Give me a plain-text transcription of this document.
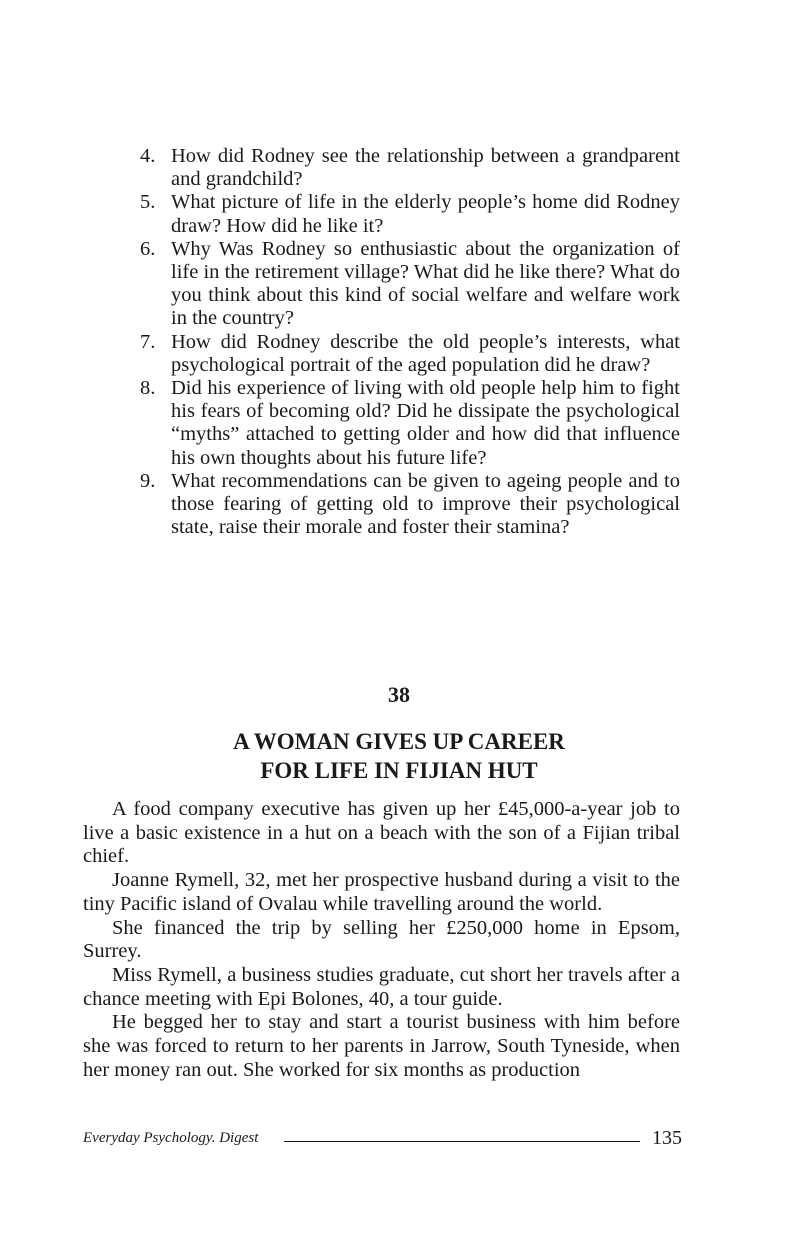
4. How did Rodney see the relationship between a grandparent and grandchild?
5. What picture of life in the elderly people’s home did Rodney draw? How did he like it?
6. Why Was Rodney so enthusiastic about the organization of life in the retirement village? What did he like there? What do you think about this kind of social welfare and welfare work in the country?
7. How did Rodney describe the old people’s interests, what psychological portrait of the aged population did he draw?
8. Did his experience of living with old people help him to fight his fears of becoming old? Did he dissipate the psychological “myths” attached to getting older and how did that influence his own thoughts about his future life?
9. What recommendations can be given to ageing people and to those fearing of getting old to improve their psychological state, raise their morale and foster their stamina?
38
A WOMAN GIVES UP CAREER
FOR LIFE IN FIJIAN HUT

A food company executive has given up her £45,000-a-year job to live a basic existence in a hut on a beach with the son of a Fijian tribal chief.

Joanne Rymell, 32, met her prospective husband during a visit to the tiny Pacific island of Ovalau while travelling around the world.

She financed the trip by selling her £250,000 home in Epsom, Surrey.

Miss Rymell, a business studies graduate, cut short her travels after a chance meeting with Epi Bolones, 40, a tour guide.

He begged her to stay and start a tourist business with him before she was forced to return to her parents in Jarrow, South Tyneside, when her money ran out. She worked for six months as production

Everyday Psychology. Digest	135
